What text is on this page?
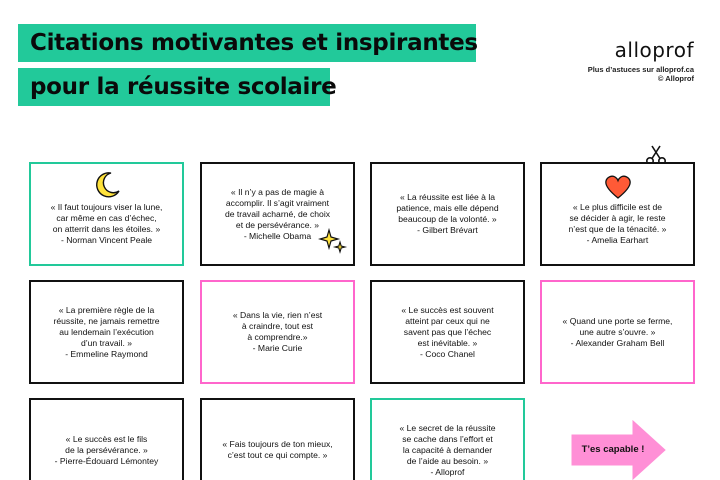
Citations motivantes et inspirantes
pour la réussite scolaire
alloprof
Plus d’astuces sur alloprof.ca
© Alloprof
« Il faut toujours viser la lune,
car même en cas d’échec,
on atterrit dans les étoiles. »
- Norman Vincent Peale
« Il n’y a pas de magie à
accomplir. Il s’agit vraiment
de travail acharné, de choix
et de persévérance. »
- Michelle Obama
« La réussite est liée à la
patience, mais elle dépend
beaucoup de la volonté. »
- Gilbert Brévart
« Le plus difficile est de
se décider à agir, le reste
n’est que de la ténacité. »
- Amelia Earhart
« La première règle de la
réussite, ne jamais remettre
au lendemain l’exécution
d’un travail. »
- Emmeline Raymond
« Dans la vie, rien n’est
à craindre, tout est
à comprendre.»
- Marie Curie
« Le succès est souvent
atteint par ceux qui ne
savent pas que l’échec
est inévitable. »
- Coco Chanel
« Quand une porte se ferme,
une autre s’ouvre. »
- Alexander Graham Bell
« Le succès est le fils
de la persévérance. »
- Pierre-Édouard Lémontey
« Fais toujours de ton mieux,
c’est tout ce qui compte. »
« Le secret de la réussite
se cache dans l’effort et
la capacité à demander
de l’aide au besoin. »
- Alloprof
T’es capable !
